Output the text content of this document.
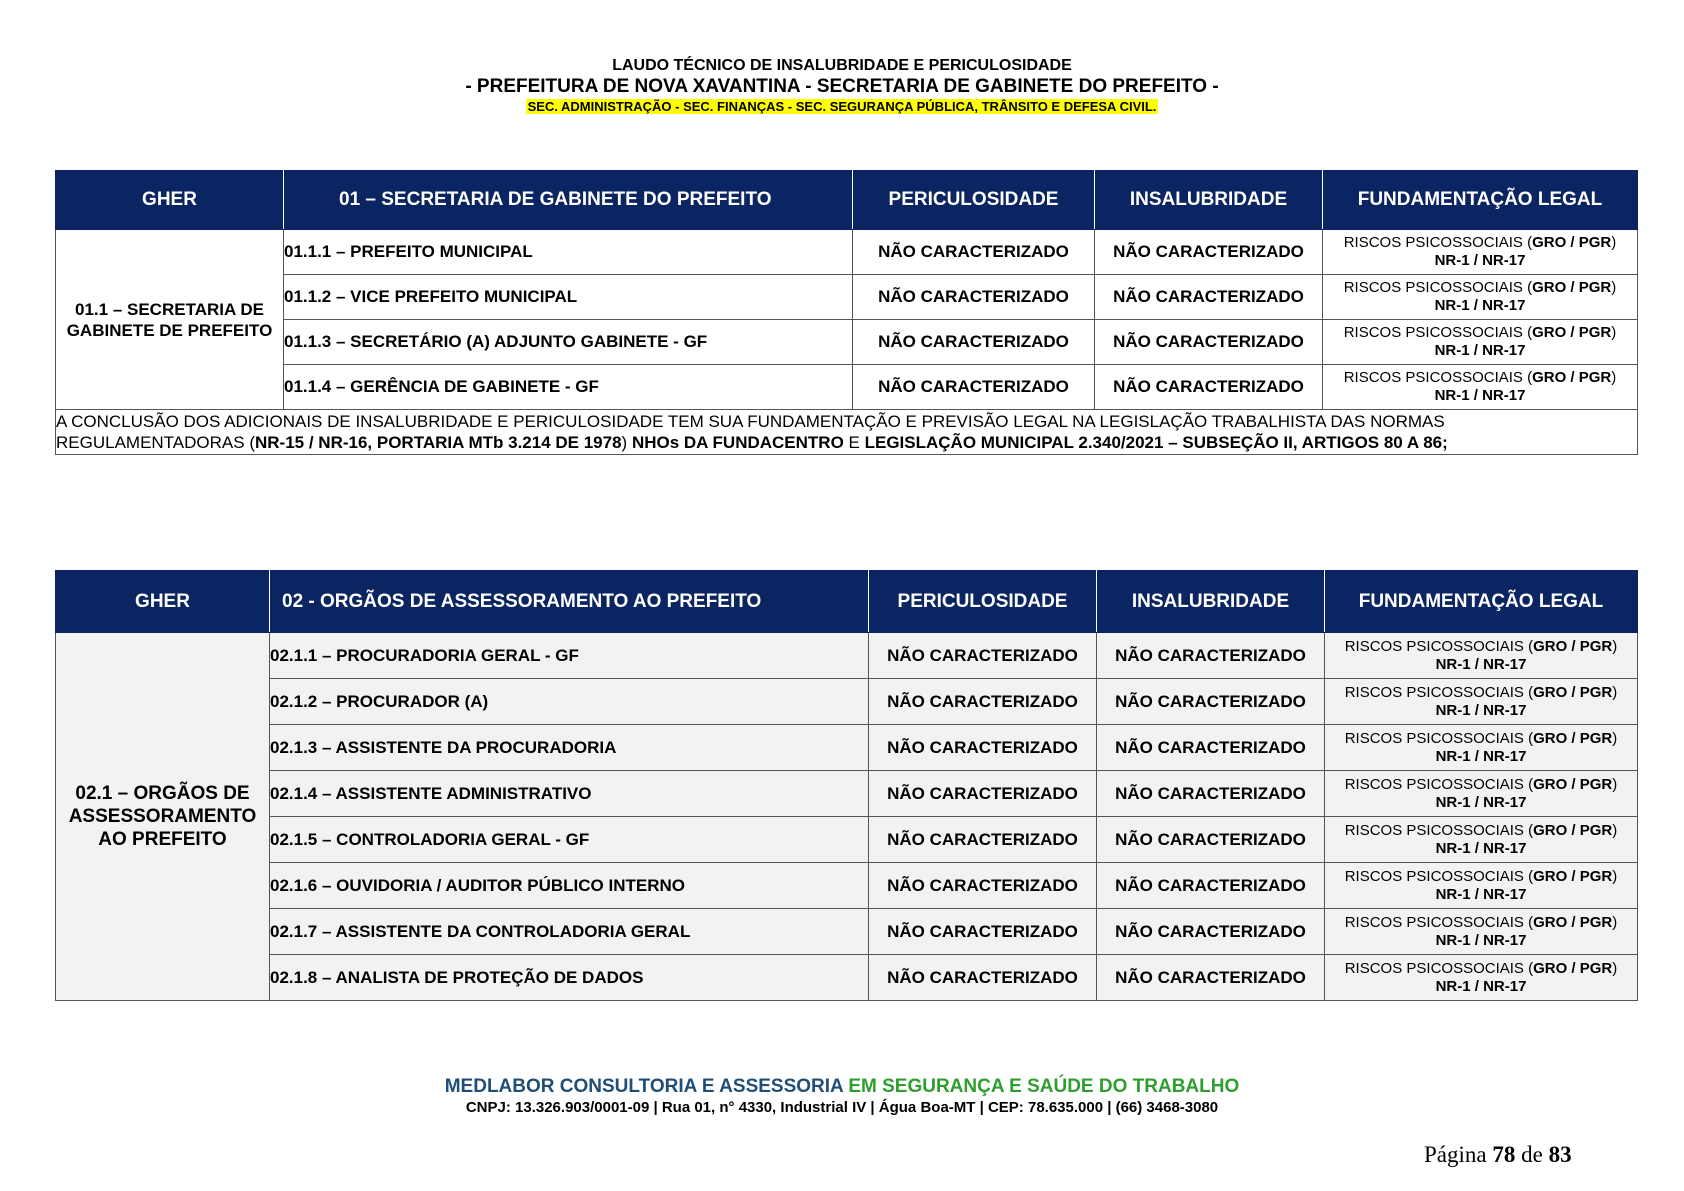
LAUDO TÉCNICO DE INSALUBRIDADE E PERICULOSIDADE
- PREFEITURA DE NOVA XAVANTINA - SECRETARIA DE GABINETE DO PREFEITO -
SEC. ADMINISTRAÇÃO - SEC. FINANÇAS - SEC. SEGURANÇA PÚBLICA, TRÂNSITO E DEFESA CIVIL.
GHER	01 – SECRETARIA DE GABINETE DO PREFEITO	PERICULOSIDADE	INSALUBRIDADE	FUNDAMENTAÇÃO LEGAL
01.1 – SECRETARIA DE GABINETE DE PREFEITO	01.1.1 – PREFEITO MUNICIPAL	NÃO CARACTERIZADO	NÃO CARACTERIZADO	RISCOS PSICOSSOCIAIS (GRO / PGR)
NR-1 / NR-17
	01.1.2 – VICE PREFEITO MUNICIPAL	NÃO CARACTERIZADO	NÃO CARACTERIZADO	RISCOS PSICOSSOCIAIS (GRO / PGR)
NR-1 / NR-17
	01.1.3 – SECRETÁRIO (A) ADJUNTO GABINETE - GF	NÃO CARACTERIZADO	NÃO CARACTERIZADO	RISCOS PSICOSSOCIAIS (GRO / PGR)
NR-1 / NR-17
	01.1.4 – GERÊNCIA DE GABINETE - GF	NÃO CARACTERIZADO	NÃO CARACTERIZADO	RISCOS PSICOSSOCIAIS (GRO / PGR)
NR-1 / NR-17
A CONCLUSÃO DOS ADICIONAIS DE INSALUBRIDADE E PERICULOSIDADE TEM SUA FUNDAMENTAÇÃO E PREVISÃO LEGAL NA LEGISLAÇÃO TRABALHISTA DAS NORMAS REGULAMENTADORAS (NR-15 / NR-16, PORTARIA MTb 3.214 DE 1978) NHOs DA FUNDACENTRO E LEGISLAÇÃO MUNICIPAL 2.340/2021 – SUBSEÇÃO II, ARTIGOS 80 A 86;				
GHER	02 - ORGÃOS DE ASSESSORAMENTO AO PREFEITO	PERICULOSIDADE	INSALUBRIDADE	FUNDAMENTAÇÃO LEGAL
02.1 – ORGÃOS DE ASSESSORAMENTO AO PREFEITO	02.1.1 – PROCURADORIA GERAL - GF	NÃO CARACTERIZADO	NÃO CARACTERIZADO	RISCOS PSICOSSOCIAIS (GRO / PGR)
NR-1 / NR-17
	02.1.2 – PROCURADOR (A)	NÃO CARACTERIZADO	NÃO CARACTERIZADO	RISCOS PSICOSSOCIAIS (GRO / PGR)
NR-1 / NR-17
	02.1.3 – ASSISTENTE DA PROCURADORIA	NÃO CARACTERIZADO	NÃO CARACTERIZADO	RISCOS PSICOSSOCIAIS (GRO / PGR)
NR-1 / NR-17
	02.1.4 – ASSISTENTE ADMINISTRATIVO	NÃO CARACTERIZADO	NÃO CARACTERIZADO	RISCOS PSICOSSOCIAIS (GRO / PGR)
NR-1 / NR-17
	02.1.5 – CONTROLADORIA GERAL - GF	NÃO CARACTERIZADO	NÃO CARACTERIZADO	RISCOS PSICOSSOCIAIS (GRO / PGR)
NR-1 / NR-17
	02.1.6 – OUVIDORIA / AUDITOR PÚBLICO INTERNO	NÃO CARACTERIZADO	NÃO CARACTERIZADO	RISCOS PSICOSSOCIAIS (GRO / PGR)
NR-1 / NR-17
	02.1.7 – ASSISTENTE DA CONTROLADORIA GERAL	NÃO CARACTERIZADO	NÃO CARACTERIZADO	RISCOS PSICOSSOCIAIS (GRO / PGR)
NR-1 / NR-17
	02.1.8 – ANALISTA DE PROTEÇÃO DE DADOS	NÃO CARACTERIZADO	NÃO CARACTERIZADO	RISCOS PSICOSSOCIAIS (GRO / PGR)
NR-1 / NR-17
MEDLABOR CONSULTORIA E ASSESSORIA EM SEGURANÇA E SAÚDE DO TRABALHO
CNPJ: 13.326.903/0001-09 | Rua 01, n° 4330, Industrial IV | Água Boa-MT | CEP: 78.635.000 | (66) 3468-3080
Página 78 de 83
